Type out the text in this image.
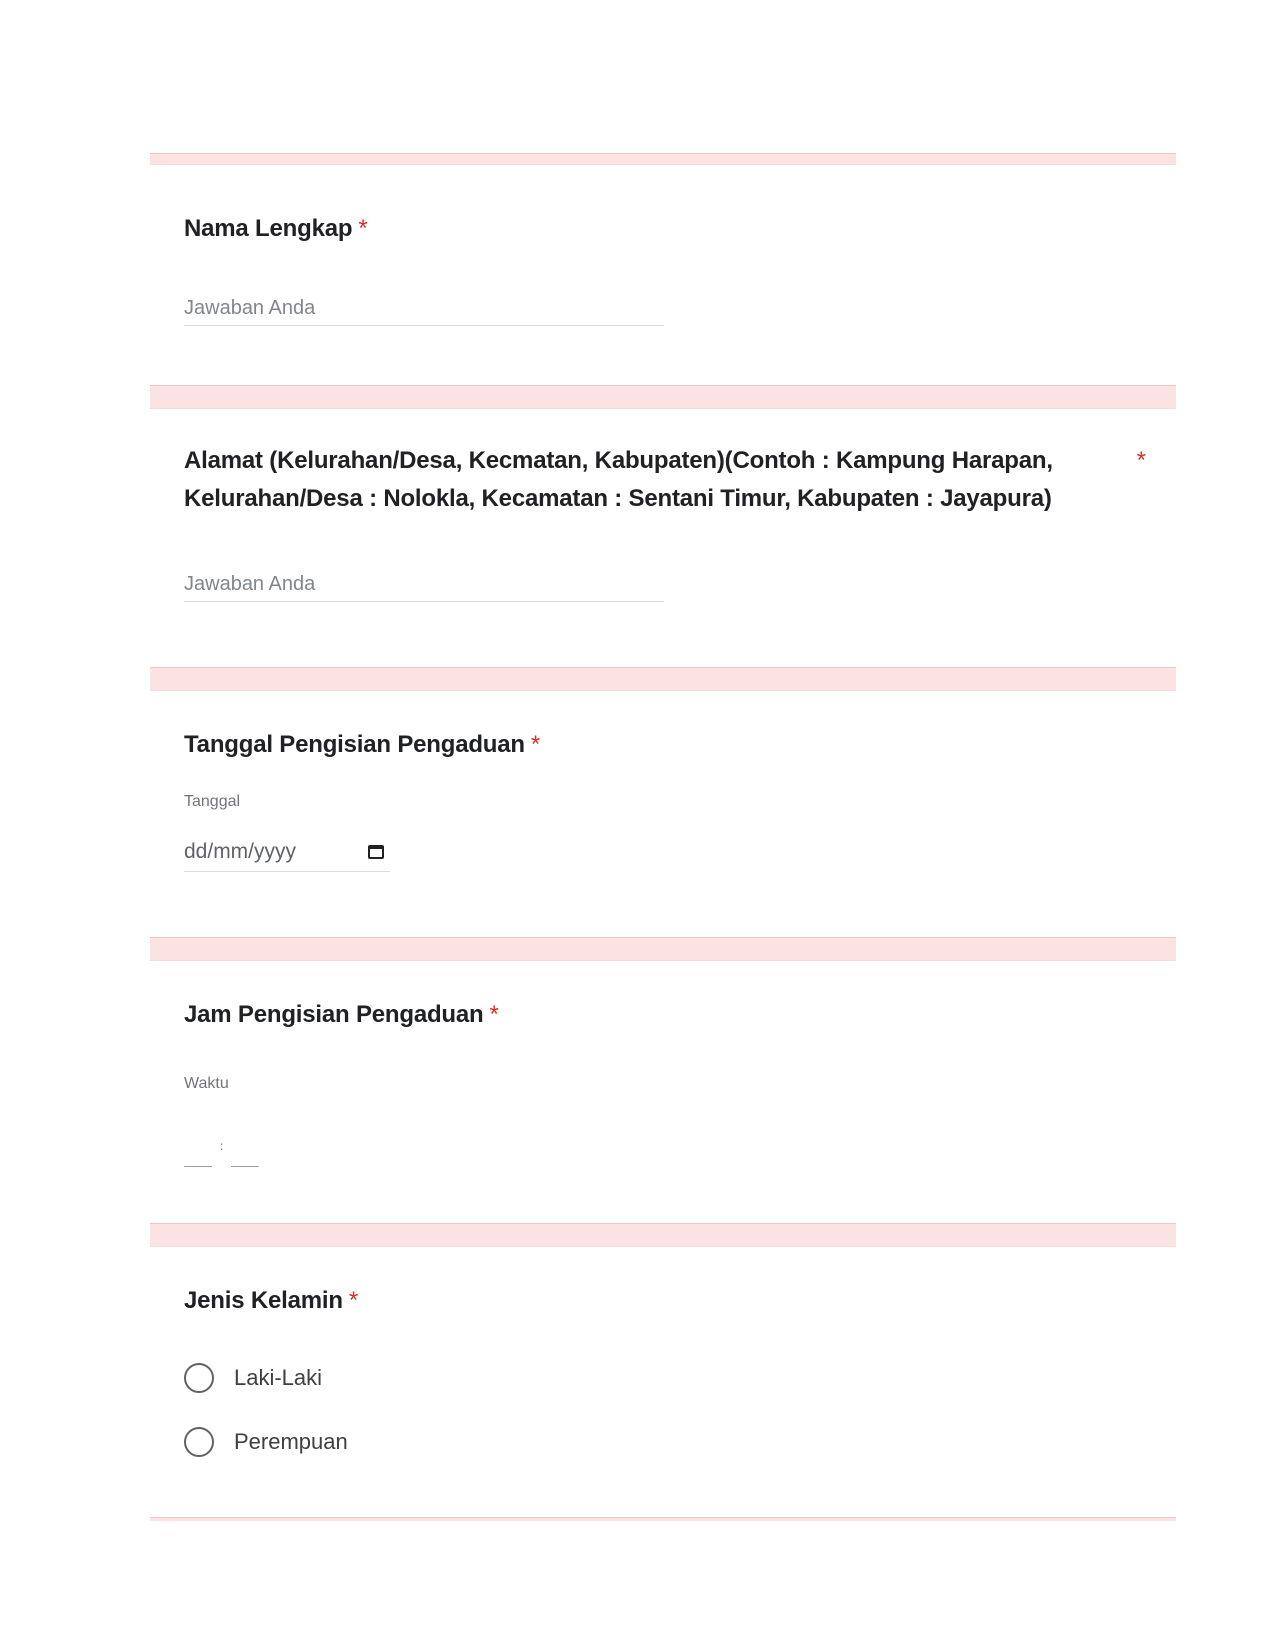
Nama Lengkap *
Jawaban Anda
Alamat (Kelurahan/Desa, Kecmatan, Kabupaten)(Contoh : Kampung Harapan, Kelurahan/Desa : Nolokla, Kecamatan : Sentani Timur, Kabupaten : Jayapura)
*
Jawaban Anda
Tanggal Pengisian Pengaduan *
Tanggal
dd/mm/yyyy
Jam Pengisian Pengaduan *
Waktu
:
Jenis Kelamin *
Laki-Laki
Perempuan
